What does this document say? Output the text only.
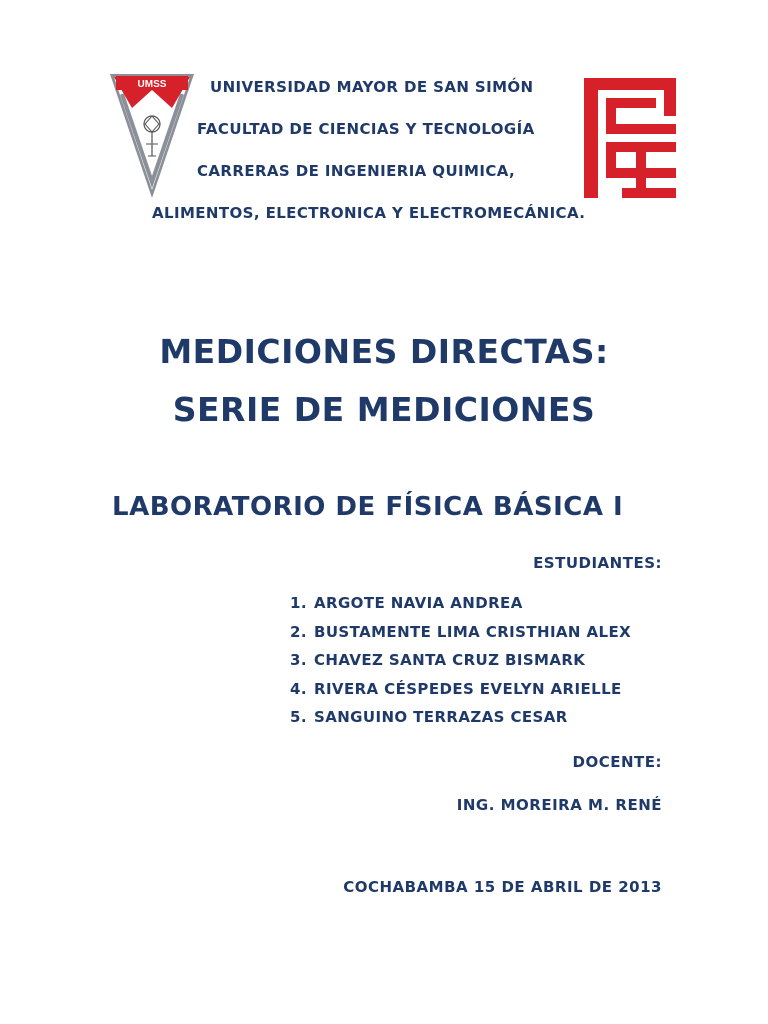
UMSS	UNIVERSIDAD MAYOR DE SAN SIMÓN
FACULTAD DE CIENCIAS Y TECNOLOGÍA
CARRERAS DE INGENIERIA QUIMICA,
ALIMENTOS, ELECTRONICA Y ELECTROMECÁNICA.
MEDICIONES DIRECTAS:
SERIE DE MEDICIONES
LABORATORIO DE FÍSICA BÁSICA I
ESTUDIANTES:
1. ARGOTE NAVIA ANDREA
2. BUSTAMENTE LIMA CRISTHIAN ALEX
3. CHAVEZ SANTA CRUZ BISMARK
4. RIVERA CÉSPEDES EVELYN ARIELLE
5. SANGUINO TERRAZAS CESAR
DOCENTE:
ING. MOREIRA M. RENÉ
COCHABAMBA 15 DE ABRIL DE 2013
